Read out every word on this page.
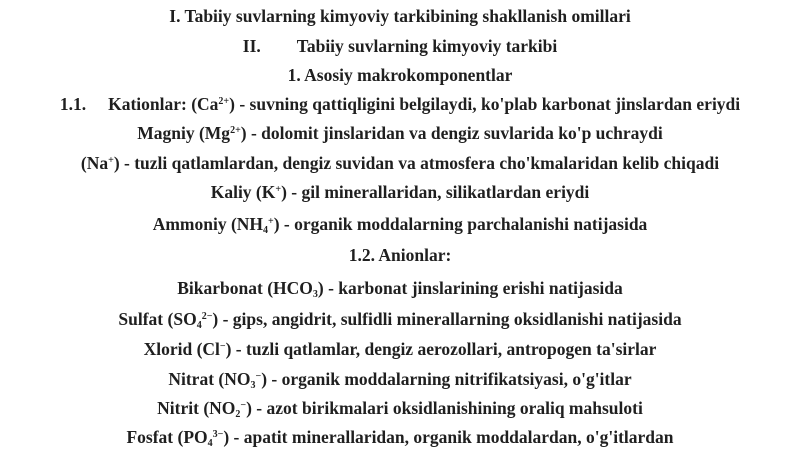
I. Tabiiy suvlarning kimyoviy tarkibining shakllanish omillari
II. Tabiiy suvlarning kimyoviy tarkibi
1. Asosiy makrokomponentlar
1.1. Kationlar: $(Ca^{2+})$ - suvning qattiqligini belgilaydi, ko'plab karbonat jinslardan eriydi
Magniy $(Mg^{2+})$ - dolomit jinslaridan va dengiz suvlarida ko'p uchraydi
(Na+) - tuzli qatlamlardan, dengiz suvidan va atmosfera cho'kmalaridan kelib chiqadi
Kaliy (K+) - gil minerallaridan, silikatlardan eriydi
Ammoniy $(NH_4^+)$ - organik moddalarning parchalanishi natijasida
1.2. Anionlar:
Bikarbonat $(HCO_3)$ - karbonat jinslarining erishi natijasida
Sulfat $(SO_4^{2-})$ - gips, angidrit, sulfidli minerallarning oksidlanishi natijasida
Xlorid (Cl−) - tuzli qatlamlar, dengiz aerozollari, antropogen ta'sirlar
Nitrat $(NO_3^-)$ - organik moddalarning nitrifikatsiyasi, o'g'itlar
Nitrit $(NO_2^-)$ - azot birikmalari oksidlanishining oraliq mahsuloti
Fosfat $(PO_4^{3-})$ - apatit minerallaridan, organik moddalardan, o'g'itlardan
